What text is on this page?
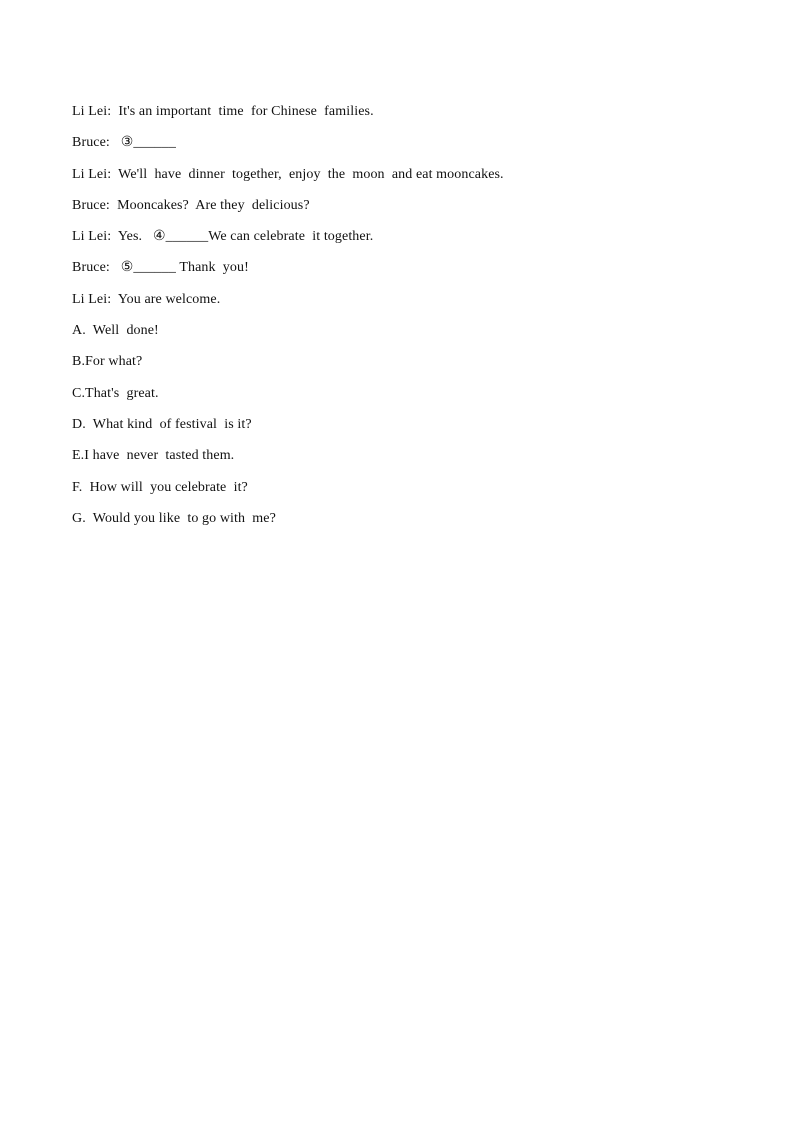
Li Lei:  It's an important  time  for Chinese  families.
Bruce:   ③______
Li Lei:  We'll  have  dinner  together,  enjoy  the  moon  and eat mooncakes.
Bruce:  Mooncakes?  Are they  delicious?
Li Lei:  Yes.   ④______We can celebrate  it together.
Bruce:   ⑤______ Thank  you!
Li Lei:  You are welcome.
A.  Well  done!
B.For what?
C.That's  great.
D.  What kind  of festival  is it?
E.I have  never  tasted them.
F.  How will  you celebrate  it?
G.  Would you like  to go with  me?
